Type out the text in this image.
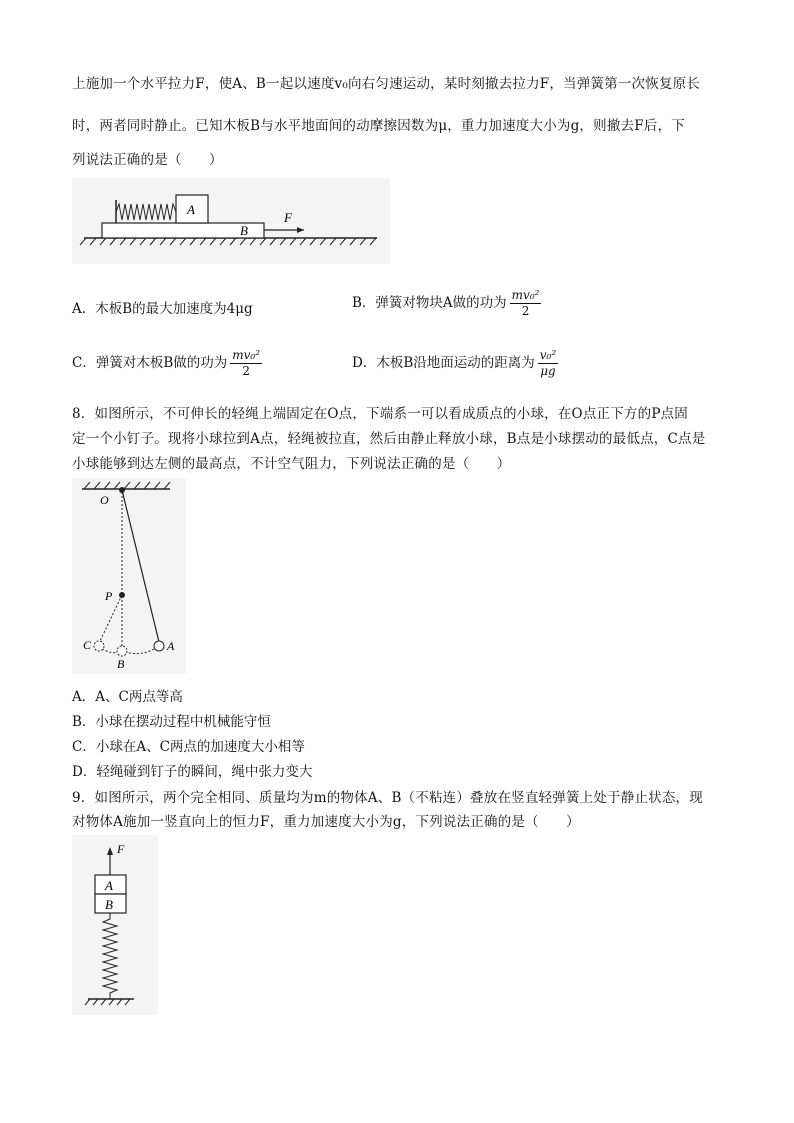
上施加一个水平拉力F，使A、B一起以速度v₀向右匀速运动，某时刻撤去拉力F，当弹簧第一次恢复原长
时，两者同时静止。已知木板B与水平地面间的动摩擦因数为μ，重力加速度大小为g，则撤去F后，下
列说法正确的是（　　）
B
A
F
A．木板B的最大加速度为4μg	B．弹簧对物块A做的功为 $\frac{\text{mv₀²}}{2}$
C．弹簧对木板B做的功为 $\frac{\text{mv₀²}}{2}$	D．木板B沿地面运动的距离为 $\frac{\text{v₀²}}{\mu g}$
8．如图所示，不可伸长的轻绳上端固定在O点，下端系一可以看成质点的小球，在O点正下方的P点固
定一个小钉子。现将小球拉到A点，轻绳被拉直，然后由静止释放小球，B点是小球摆动的最低点，C点是
小球能够到达左侧的最高点，不计空气阻力，下列说法正确的是（　　）
O
P
A
B
C
A．A、C两点等高
B．小球在摆动过程中机械能守恒
C．小球在A、C两点的加速度大小相等
D．轻绳碰到钉子的瞬间，绳中张力变大
9．如图所示，两个完全相同、质量均为m的物体A、B（不粘连）叠放在竖直轻弹簧上处于静止状态，现
对物体A施加一竖直向上的恒力F，重力加速度大小为g，下列说法正确的是（　　）
F
A
B
